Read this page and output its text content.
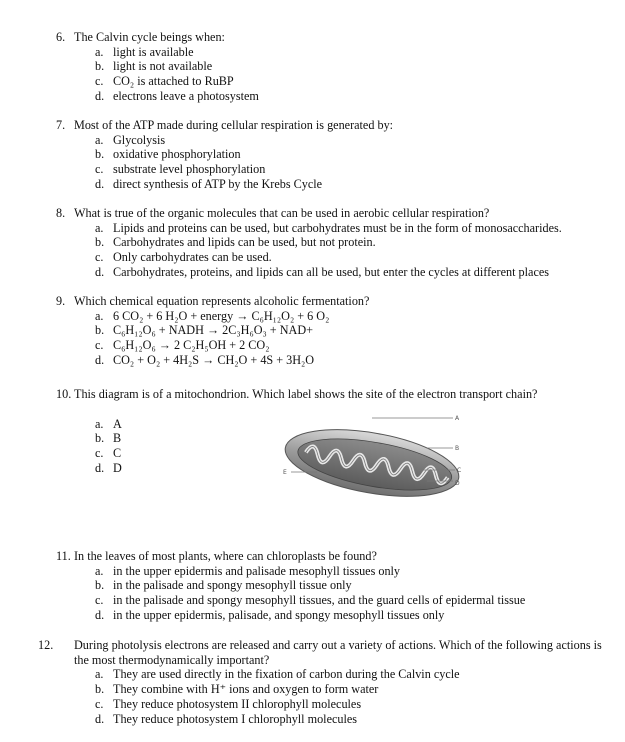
6. The Calvin cycle beings when:
a. light is available
b. light is not available
c. CO₂ is attached to RuBP
d. electrons leave a photosystem
7. Most of the ATP made during cellular respiration is generated by:
a. Glycolysis
b. oxidative phosphorylation
c. substrate level phosphorylation
d. direct synthesis of ATP by the Krebs Cycle
8. What is true of the organic molecules that can be used in aerobic cellular respiration?
a. Lipids and proteins can be used, but carbohydrates must be in the form of monosaccharides.
b. Carbohydrates and lipids can be used, but not protein.
c. Only carbohydrates can be used.
d. Carbohydrates, proteins, and lipids can all be used, but enter the cycles at different places
9. Which chemical equation represents alcoholic fermentation?
a. 6 CO₂ + 6 H₂O + energy → C₆H₁₂O₂ + 6 O₂
b. C₆H₁₂O₆ + NADH → 2C₃H₆O₃ + NAD+
c. C₆H₁₂O₆ → 2 C₂H₅OH + 2 CO₂
d. CO₂ + O₂ + 4H₂S → CH₂O + 4S + 3H₂O
10. This diagram is of a mitochondrion. Which label shows the site of the electron transport chain?
a. A
b. B
c. C
d. D
A
B
C
D
E
11. In the leaves of most plants, where can chloroplasts be found?
a. in the upper epidermis and palisade mesophyll tissues only
b. in the palisade and spongy mesophyll tissue only
c. in the palisade and spongy mesophyll tissues, and the guard cells of epidermal tissue
d. in the upper epidermis, palisade, and spongy mesophyll tissues only
12. During photolysis electrons are released and carry out a variety of actions. Which of the following actions is the most thermodynamically important?
a. They are used directly in the fixation of carbon during the Calvin cycle
b. They combine with H⁺ ions and oxygen to form water
c. They reduce photosystem II chlorophyll molecules
d. They reduce photosystem I chlorophyll molecules
